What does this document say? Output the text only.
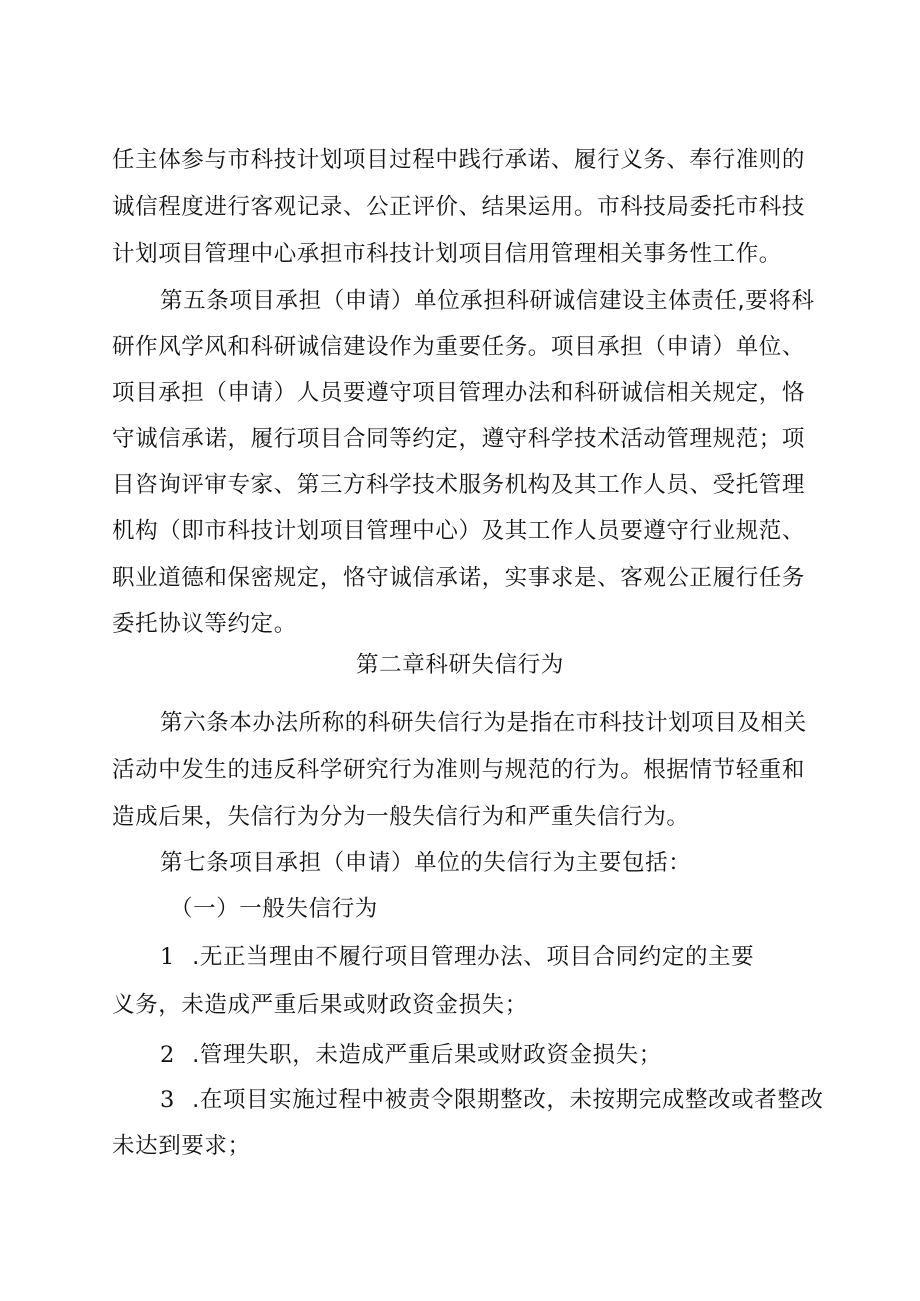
任主体参与市科技计划项目过程中践行承诺、履行义务、奉行准则的
诚信程度进行客观记录、公正评价、结果运用。市科技局委托市科技
计划项目管理中心承担市科技计划项目信用管理相关事务性工作。
第五条项目承担（申请）单位承担科研诚信建设主体责任,要将科
研作风学风和科研诚信建设作为重要任务。项目承担（申请）单位、
项目承担（申请）人员要遵守项目管理办法和科研诚信相关规定，恪
守诚信承诺，履行项目合同等约定，遵守科学技术活动管理规范；项
目咨询评审专家、第三方科学技术服务机构及其工作人员、受托管理
机构（即市科技计划项目管理中心）及其工作人员要遵守行业规范、
职业道德和保密规定，恪守诚信承诺，实事求是、客观公正履行任务
委托协议等约定。
第二章科研失信行为
第六条本办法所称的科研失信行为是指在市科技计划项目及相关
活动中发生的违反科学研究行为准则与规范的行为。根据情节轻重和
造成后果，失信行为分为一般失信行为和严重失信行为。
第七条项目承担（申请）单位的失信行为主要包括：
（一）一般失信行为
1 .无正当理由不履行项目管理办法、项目合同约定的主要
义务，未造成严重后果或财政资金损失；
2 .管理失职，未造成严重后果或财政资金损失；
3 .在项目实施过程中被责令限期整改，未按期完成整改或者整改
未达到要求；
